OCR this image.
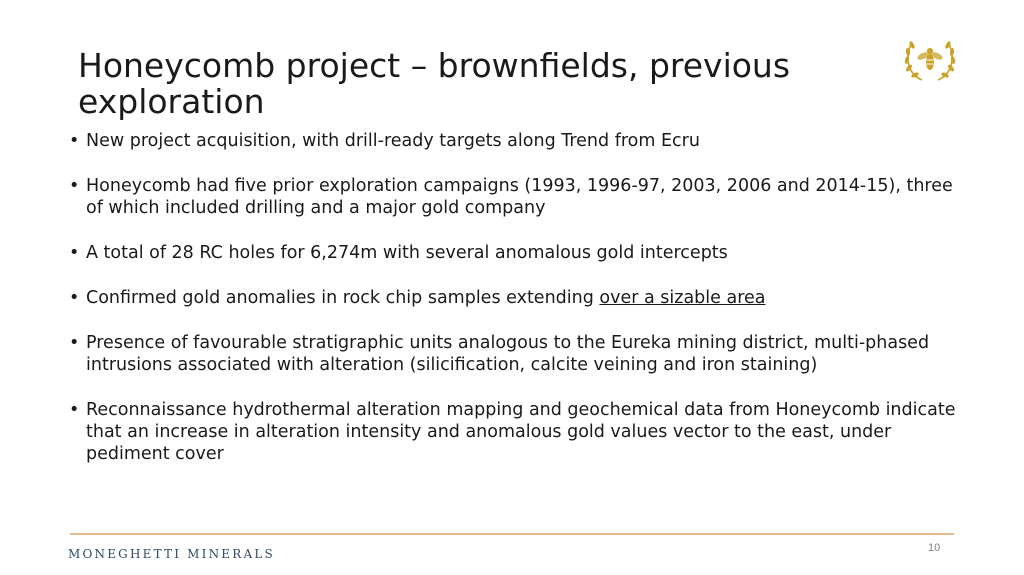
Honeycomb project – brownfields, previous exploration
• New project acquisition, with drill-ready targets along Trend from Ecru
• Honeycomb had five prior exploration campaigns (1993, 1996-97, 2003, 2006 and 2014-15), three of which included drilling and a major gold company
• A total of 28 RC holes for 6,274m with several anomalous gold intercepts
• Confirmed gold anomalies in rock chip samples extending over a sizable area
• Presence of favourable stratigraphic units analogous to the Eureka mining district, multi-phased intrusions associated with alteration (silicification, calcite veining and iron staining)
• Reconnaissance hydrothermal alteration mapping and geochemical data from Honeycomb indicate that an increase in alteration intensity and anomalous gold values vector to the east, under pediment cover
MONEGHETTI MINERALS	10
